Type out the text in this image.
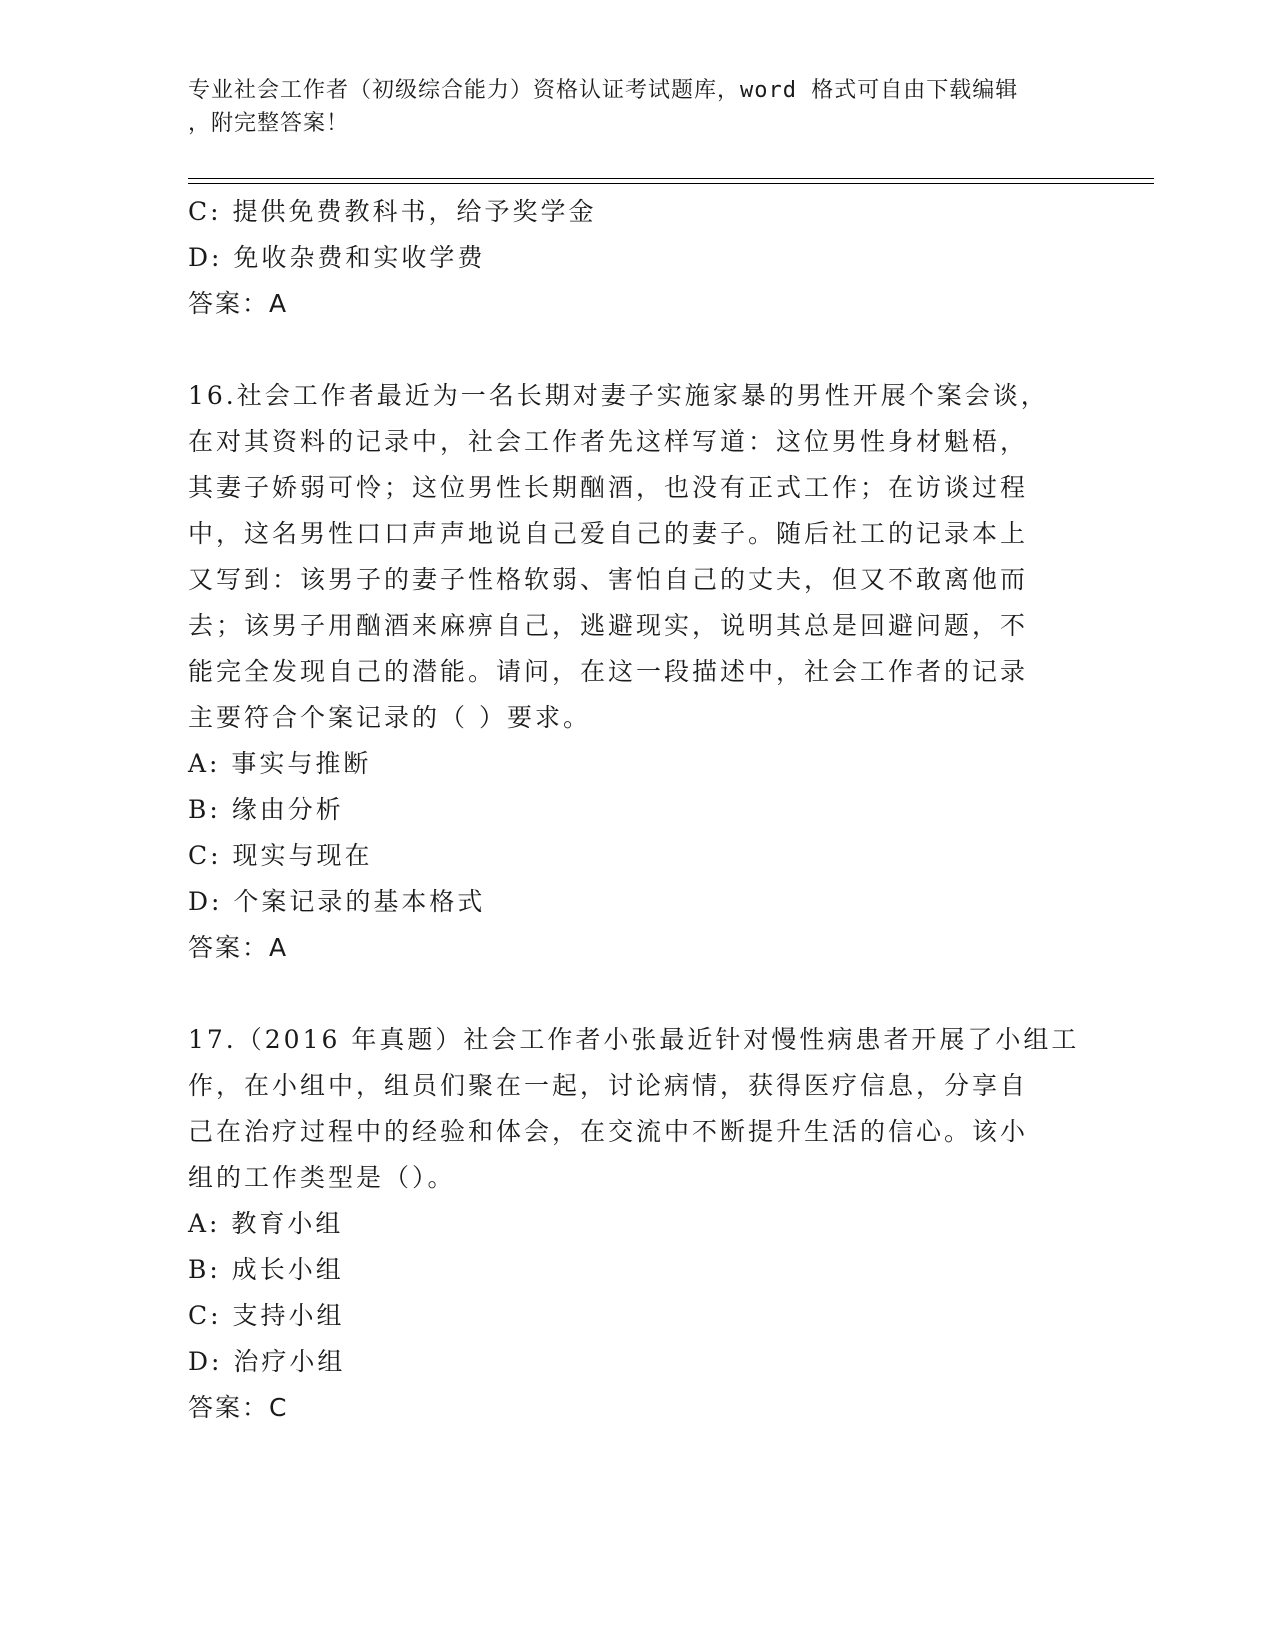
专业社会工作者（初级综合能力）资格认证考试题库，word 格式可自由下载编辑
，附完整答案！
C: 提供免费教科书，给予奖学金
D: 免收杂费和实收学费
答案：A
16.社会工作者最近为一名长期对妻子实施家暴的男性开展个案会谈，
在对其资料的记录中，社会工作者先这样写道：这位男性身材魁梧，
其妻子娇弱可怜；这位男性长期酗酒，也没有正式工作；在访谈过程
中，这名男性口口声声地说自己爱自己的妻子。随后社工的记录本上
又写到：该男子的妻子性格软弱、害怕自己的丈夫，但又不敢离他而
去；该男子用酗酒来麻痹自己，逃避现实，说明其总是回避问题，不
能完全发现自己的潜能。请问，在这一段描述中，社会工作者的记录
主要符合个案记录的（ ）要求。
A: 事实与推断
B: 缘由分析
C: 现实与现在
D: 个案记录的基本格式
答案：A
17.（2016 年真题）社会工作者小张最近针对慢性病患者开展了小组工
作，在小组中，组员们聚在一起，讨论病情，获得医疗信息，分享自
己在治疗过程中的经验和体会，在交流中不断提升生活的信心。该小
组的工作类型是（）。
A: 教育小组
B: 成长小组
C: 支持小组
D: 治疗小组
答案：C
